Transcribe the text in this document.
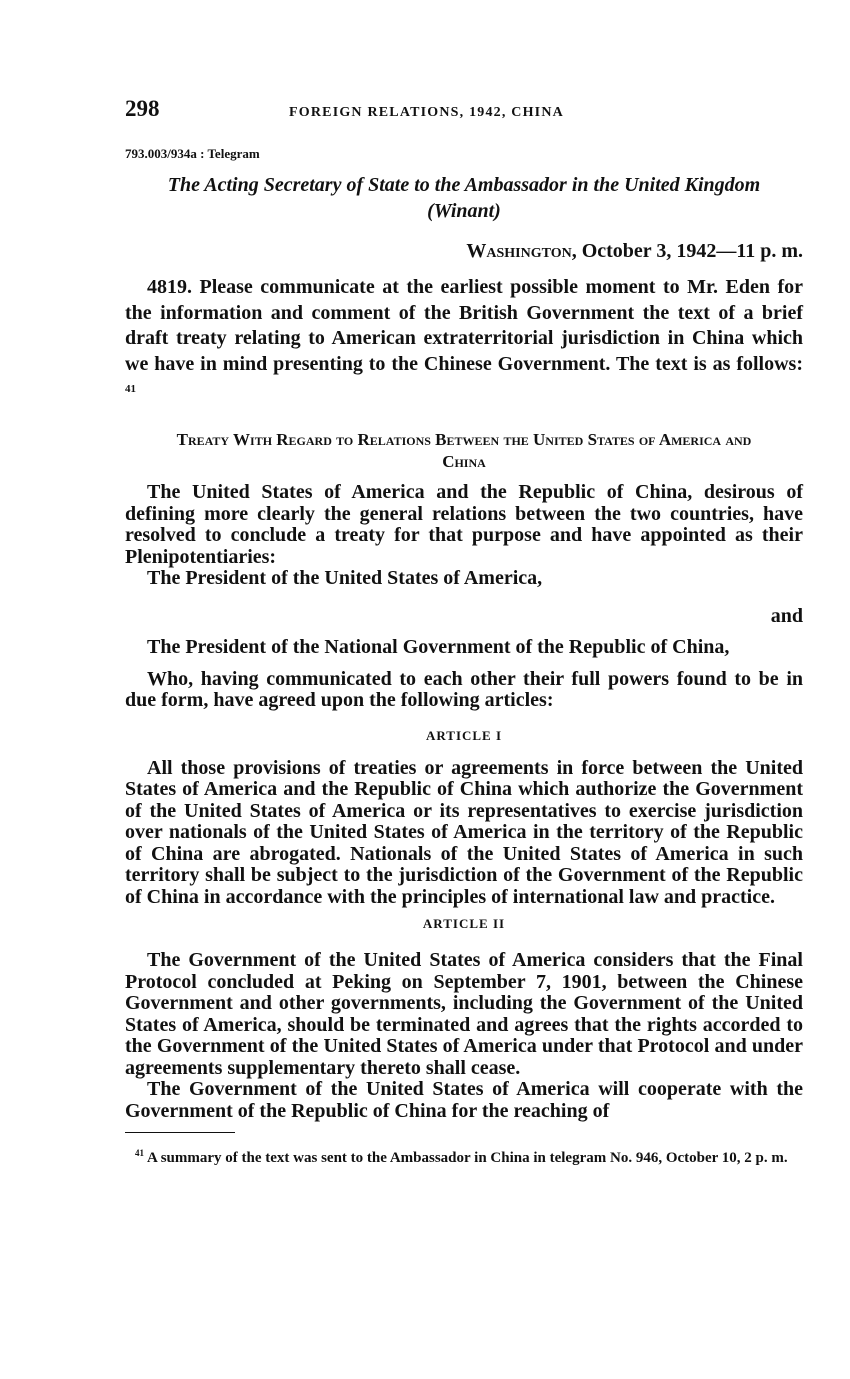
298	FOREIGN RELATIONS, 1942, CHINA
793.003/934a : Telegram
The Acting Secretary of State to the Ambassador in the United Kingdom (Winant)
Washington, October 3, 1942—11 p. m.

4819. Please communicate at the earliest possible moment to Mr. Eden for the information and comment of the British Government the text of a brief draft treaty relating to American extraterritorial jurisdiction in China which we have in mind presenting to the Chinese Government. The text is as follows: $^{41}$

Treaty With Regard to Relations Between the United States of America and China

The United States of America and the Republic of China, desirous of defining more clearly the general relations between the two countries, have resolved to conclude a treaty for that purpose and have appointed as their Plenipotentiaries:

The President of the United States of America,

and

The President of the National Government of the Republic of China,

Who, having communicated to each other their full powers found to be in due form, have agreed upon the following articles:

ARTICLE I

All those provisions of treaties or agreements in force between the United States of America and the Republic of China which authorize the Government of the United States of America or its representatives to exercise jurisdiction over nationals of the United States of America in the territory of the Republic of China are abrogated. Nationals of the United States of America in such territory shall be subject to the jurisdiction of the Government of the Republic of China in accordance with the principles of international law and practice.

ARTICLE II

The Government of the United States of America considers that the Final Protocol concluded at Peking on September 7, 1901, between the Chinese Government and other governments, including the Government of the United States of America, should be terminated and agrees that the rights accorded to the Government of the United States of America under that Protocol and under agreements supplementary thereto shall cease.

The Government of the United States of America will cooperate with the Government of the Republic of China for the reaching of

$^{41}$ A summary of the text was sent to the Ambassador in China in telegram No. 946, October 10, 2 p. m.
